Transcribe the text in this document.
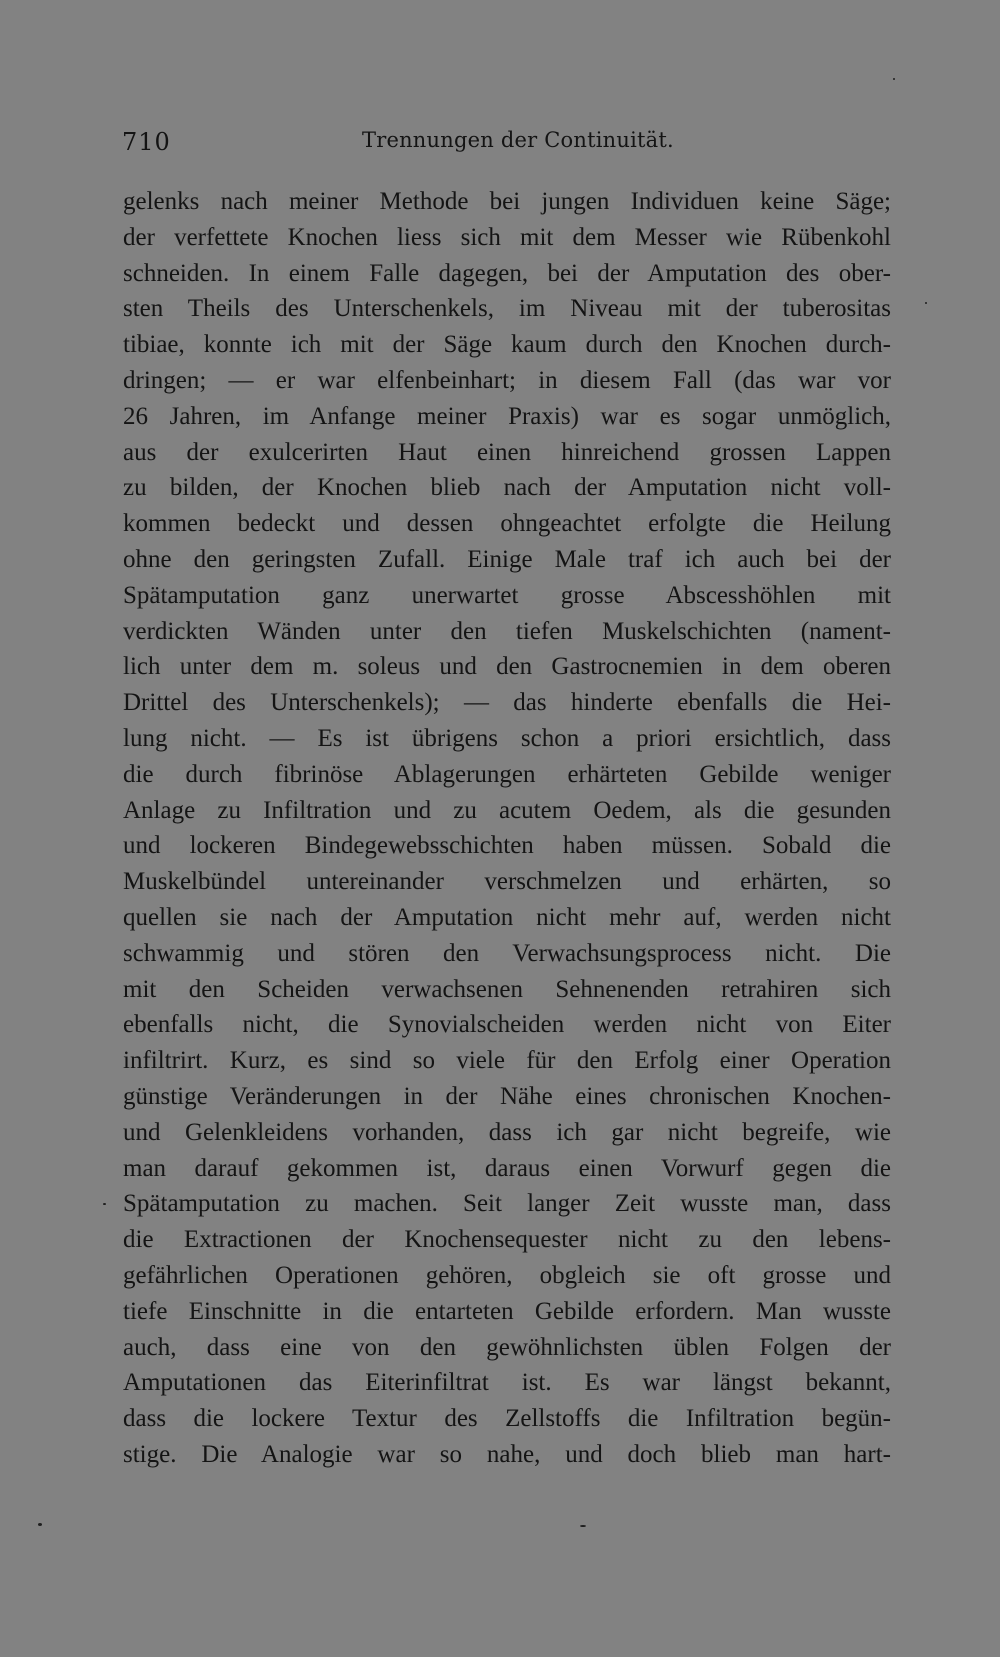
710	Trennungen der Continuität.
gelenks nach meiner Methode bei jungen Individuen keine Säge;
der verfettete Knochen liess sich mit dem Messer wie Rübenkohl
schneiden. In einem Falle dagegen, bei der Amputation des ober-
sten Theils des Unterschenkels, im Niveau mit der tuberositas
tibiae, konnte ich mit der Säge kaum durch den Knochen durch-
dringen; — er war elfenbeinhart; in diesem Fall (das war vor
26 Jahren, im Anfange meiner Praxis) war es sogar unmöglich,
aus der exulcerirten Haut einen hinreichend grossen Lappen
zu bilden, der Knochen blieb nach der Amputation nicht voll-
kommen bedeckt und dessen ohngeachtet erfolgte die Heilung
ohne den geringsten Zufall. Einige Male traf ich auch bei der
Spätamputation ganz unerwartet grosse Abscesshöhlen mit
verdickten Wänden unter den tiefen Muskelschichten (nament-
lich unter dem m. soleus und den Gastrocnemien in dem oberen
Drittel des Unterschenkels); — das hinderte ebenfalls die Hei-
lung nicht. — Es ist übrigens schon a priori ersichtlich, dass
die durch fibrinöse Ablagerungen erhärteten Gebilde weniger
Anlage zu Infiltration und zu acutem Oedem, als die gesunden
und lockeren Bindegewebsschichten haben müssen. Sobald die
Muskelbündel untereinander verschmelzen und erhärten, so
quellen sie nach der Amputation nicht mehr auf, werden nicht
schwammig und stören den Verwachsungsprocess nicht. Die
mit den Scheiden verwachsenen Sehnenenden retrahiren sich
ebenfalls nicht, die Synovialscheiden werden nicht von Eiter
infiltrirt. Kurz, es sind so viele für den Erfolg einer Operation
günstige Veränderungen in der Nähe eines chronischen Knochen-
und Gelenkleidens vorhanden, dass ich gar nicht begreife, wie
man darauf gekommen ist, daraus einen Vorwurf gegen die
Spätamputation zu machen. Seit langer Zeit wusste man, dass
die Extractionen der Knochensequester nicht zu den lebens-
gefährlichen Operationen gehören, obgleich sie oft grosse und
tiefe Einschnitte in die entarteten Gebilde erfordern. Man wusste
auch, dass eine von den gewöhnlichsten üblen Folgen der
Amputationen das Eiterinfiltrat ist. Es war längst bekannt,
dass die lockere Textur des Zellstoffs die Infiltration begün-
stige. Die Analogie war so nahe, und doch blieb man hart-
